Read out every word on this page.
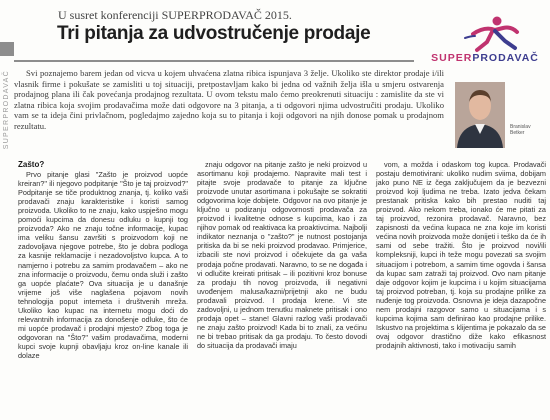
SUPERPRODAVAČ
U susret konferenciji SUPERPRODAVAČ 2015.
Tri pitanja za udvostručenje prodaje
SUPERPRODAVAČ

Svi poznajemo barem jedan od vicva u kojem uhvaćena zlatna ribica ispunjava 3 želje. Ukoliko ste direktor prodaje i/ili vlasnik firme i pokušate se zamisliti u toj situaciji, pretpostavljam kako bi jedna od važnih želja išla u smjeru ostvarenja prodajnog plana ili čak povećanja prodajnog rezultata. U ovom tekstu malo ćemo preokrenuti situaciju : zamislite da ste vi zlatna ribica koja svojim prodavačima može dati odgovore na 3 pitanja, a ti odgovori njima udvostručiti prodaju. Ukoliko vam se ta ideja čini privlačnom, pogledajmo zajedno koja su to pitanja i koji odgovori na njih donose pomak u prodajnom rezultatu.	Branislav Betker
Zašto?
Prvo pitanje glasi "Zašto je proizvod uopće kreiran?" ili njegovo podpitanje "Što je taj proizvod?" Podpitanje se tiče produktnog znanja, tj. koliko vaši prodavači znaju karakteristike i koristi samog proizvoda. Ukoliko to ne znaju, kako uspješno mogu pomoći kupcima da donesu odluku o kupnji tog proizvoda? Ako ne znaju točne informacije, kupac ima veliku šansu završiti s proizvodom koji ne zadovoljava njegove potrebe, što je dobra podloga za kasnije reklamacije i nezadovoljstvo kupca. A to namjerno i potrebu za samim prodavačem – ako ne zna informacije o proizvodu, čemu onda služi i zašto ga uopće plaćate? Ova situacija je u današnje vrijeme još više naglašena pojavom novih tehnologija poput interneta i društvenih mreža. Ukoliko kao kupac na internetu mogu doći do relevantnih informacija za donošenje odluke, što će mi uopće prodavač i prodajni mjesto? Zbog toga je odgovoran na "Što?" vašim prodavačima, moderni kupci svoje kupnji obavljaju kroz on-line kanale ili dolaze
znaju odgovor na pitanje zašto je neki proizvod u asortimanu koji prodajemo. Napravite mali test i pitajte svoje prodavače to pitanje za ključne proizvode unutar asortimana i pokušajte se sokratiti odgovorima koje dobijete. Odgovor na ovo pitanje je ključno u podizanju odgovornosti prodavača za proizvod i kvalitetne odnose s kupcima, kao i za njihov pomak od reaktivaca ka proaktivcima. Najbolji indikator neznanja o "zašto?" je nutnost postojanja pritiska da bi se neki proizvod prodavao. Primjerice, izbacili ste novi proizvod i očekujete da ga vaša prodaja počne prodavati. Naravno, to se ne događa i vi odlučite kreirati pritisak – ili pozitivni kroz bonuse za prodaju tih novog proizvoda, ili negativni uvođenjem malusa/kazni/prijetnji ako ne budu prodavali proizvod. I prodaja krene. Vi ste zadovoljni, u jednom trenutku maknete pritisak i ono prodaja opet – stane! Glavni razlog vaši prodavači ne znaju zašto proizvod! Kada bi to znali, za većinu ne bi trebao pritisak da ga prodaju. To često dovodi do situacija da prodavači imaju
vom, a možda i odaskom tog kupca. Prodavači postaju demotivirani: ukoliko nudim sviima, dobijam jako puno NE iz čega zaključujem da je bezvezni proizvod koji ljudima ne treba. Izato jedva čekam prestanak pritiska kako bih prestao nuditi taj proizvod. Ako nekom treba, ionako će me pitati za taj proizvod, rezonira prodavač. Naravno, bez zapisnosti da većina kupaca ne zna koje im koristi većina novih proizvoda može donijeti i teško da će ih sami od sebe tražiti. Što je proizvod novi/ili kompleksniji, kupci ih teže mogu povezati sa svojim situacijom i potrebom, a samim time ogovda i šansa da kupac sam zatraži taj proizvod. Ovo nam pitanje daje odgovor kojim je kupcima i u kojim situacijama taj proizvod potreban, tj. koja su prodajne prilike za nuđenje tog proizvoda. Osnovna je ideja dazapočne nem prodajni razgovor samo u situacijama i s kupcima kojima sam definirao kao prodajne prilike. Iskustvo na projektima s klijentima je pokazalo da se ovaj odgovor drastično diže kako efikasnost prodajnih aktivnosti, tako i motivaciju samih
